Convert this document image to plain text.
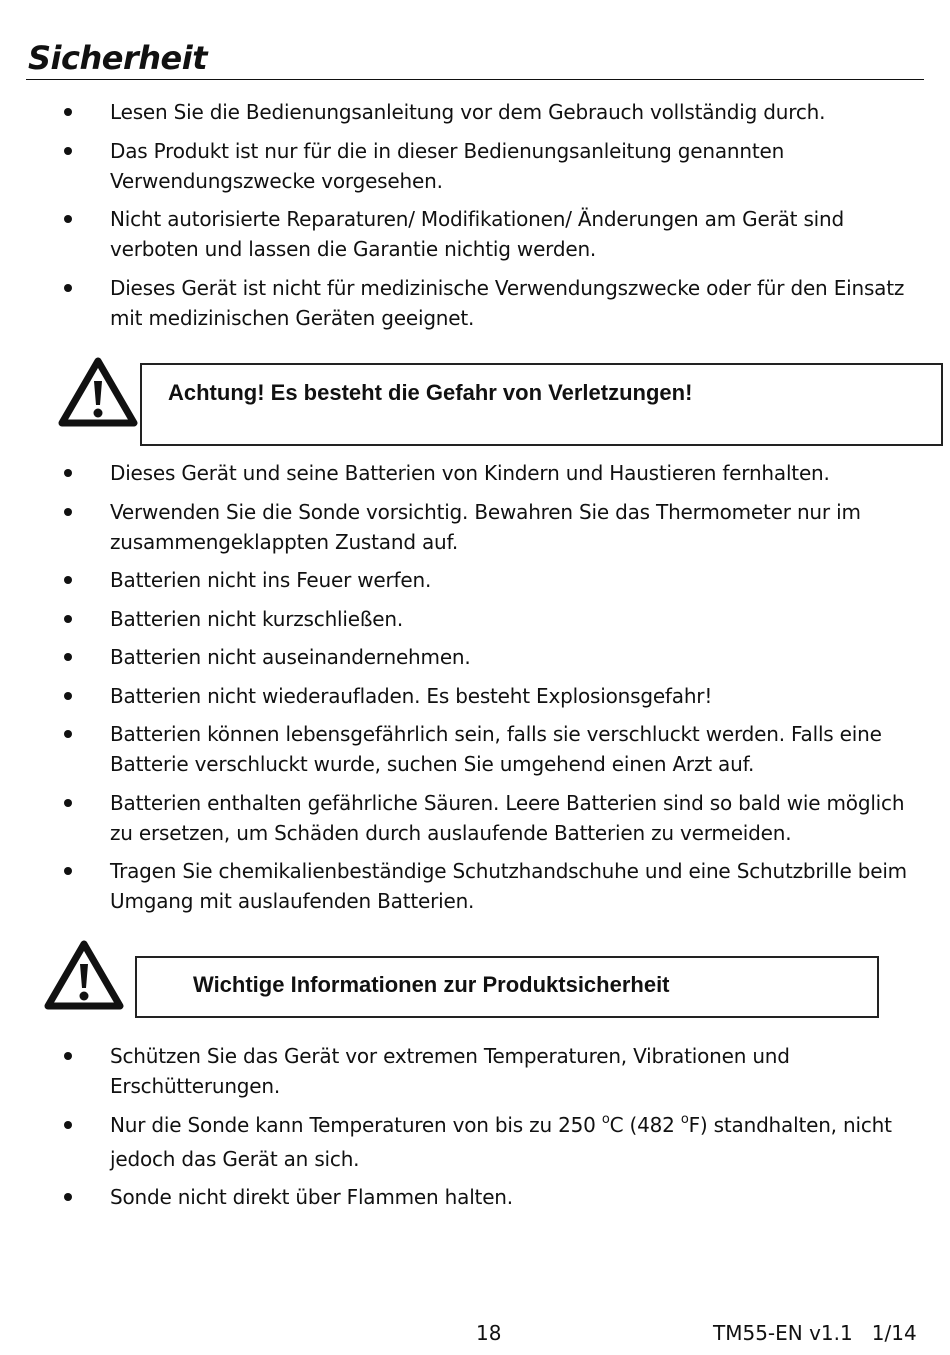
Sicherheit
Lesen Sie die Bedienungsanleitung vor dem Gebrauch vollständig durch.
Das Produkt ist nur für die in dieser Bedienungsanleitung genannten Verwendungszwecke vorgesehen.
Nicht autorisierte Reparaturen/ Modifikationen/ Änderungen am Gerät sind verboten und lassen die Garantie nichtig werden.
Dieses Gerät ist nicht für medizinische Verwendungszwecke oder für den Einsatz mit medizinischen Geräten geeignet.
Achtung! Es besteht die Gefahr von Verletzungen!
Dieses Gerät und seine Batterien von Kindern und Haustieren fernhalten.
Verwenden Sie die Sonde vorsichtig. Bewahren Sie das Thermometer nur im zusammengeklappten Zustand auf.
Batterien nicht ins Feuer werfen.
Batterien nicht kurzschließen.
Batterien nicht auseinandernehmen.
Batterien nicht wiederaufladen. Es besteht Explosionsgefahr!
Batterien können lebensgefährlich sein, falls sie verschluckt werden. Falls eine Batterie verschluckt wurde, suchen Sie umgehend einen Arzt auf.
Batterien enthalten gefährliche Säuren. Leere Batterien sind so bald wie möglich zu ersetzen, um Schäden durch auslaufende Batterien zu vermeiden.
Tragen Sie chemikalienbeständige Schutzhandschuhe und eine Schutzbrille beim Umgang mit auslaufenden Batterien.
Wichtige Informationen zur Produktsicherheit
Schützen Sie das Gerät vor extremen Temperaturen, Vibrationen und Erschütterungen.
Nur die Sonde kann Temperaturen von bis zu 250 $^o$C (482 $^o$F) standhalten, nicht jedoch das Gerät an sich.
Sonde nicht direkt über Flammen halten.
18	TM55-EN v1.1   1/14
